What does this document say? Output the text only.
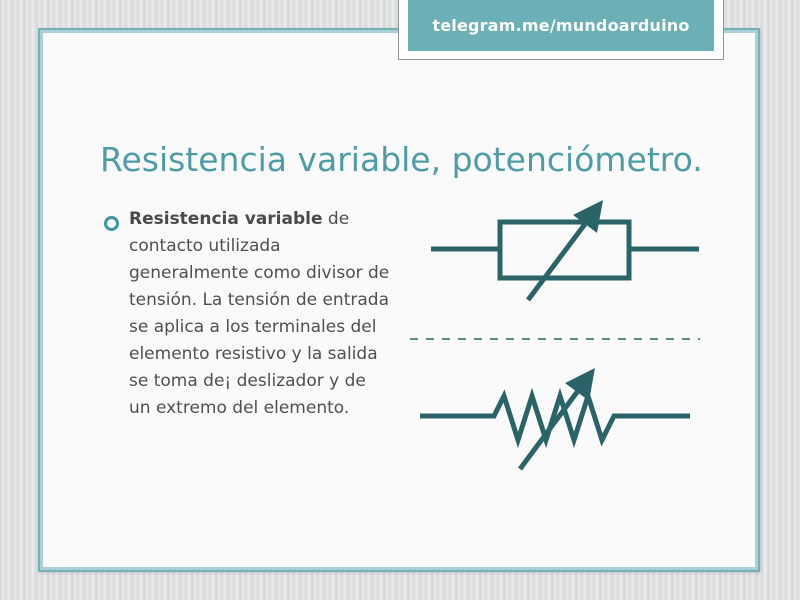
telegram.me/mundoarduino
Resistencia variable, potenciómetro.

Resistencia variable de contacto utilizada generalmente como divisor de tensión. La tensión de entrada se aplica a los terminales del elemento resistivo y la salida se toma de¡ deslizador y de un extremo del elemento.
